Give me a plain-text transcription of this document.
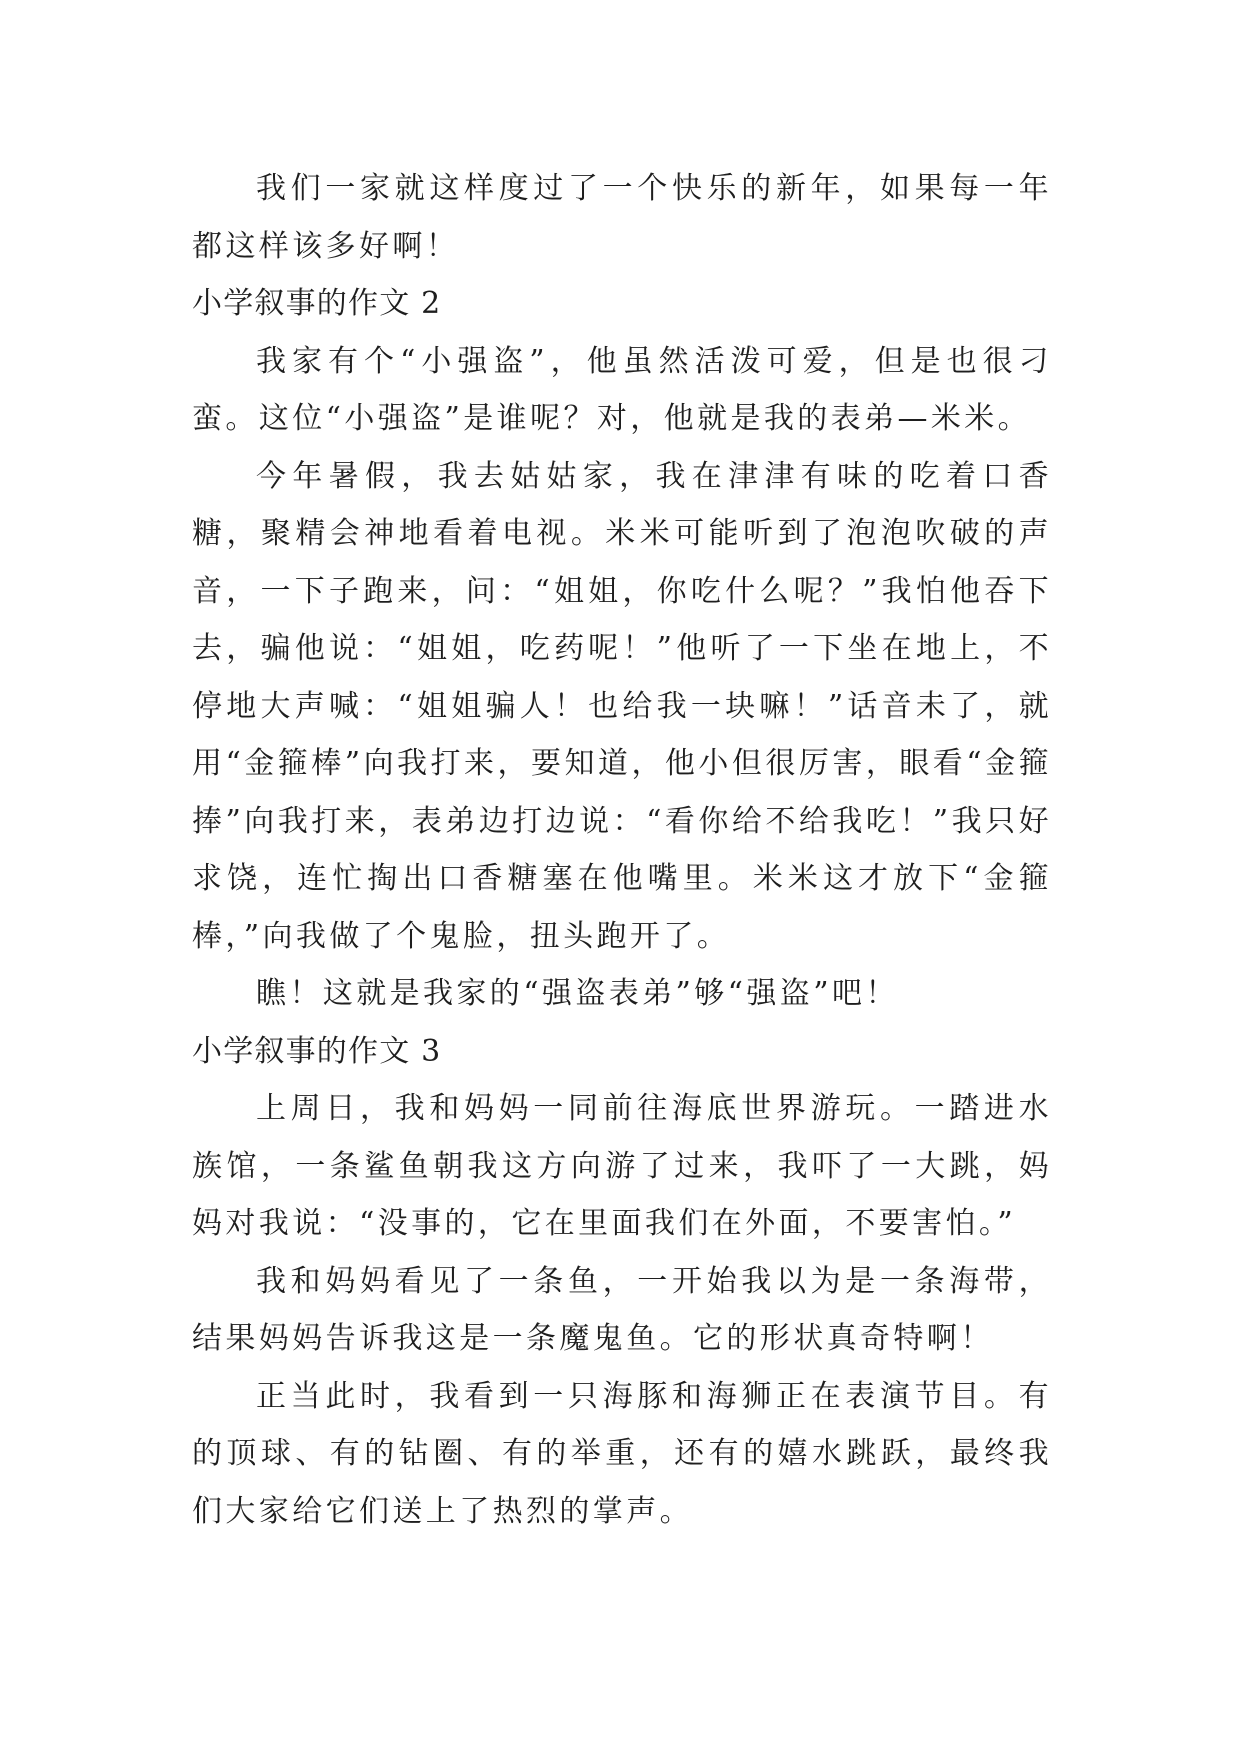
我们一家就这样度过了一个快乐的新年，如果每一年都这样该多好啊！

小学叙事的作文 2

我家有个“小强盗”，他虽然活泼可爱，但是也很刁蛮。这位“小强盗”是谁呢？对，他就是我的表弟—米米。

今年暑假，我去姑姑家，我在津津有味的吃着口香糖，聚精会神地看着电视。米米可能听到了泡泡吹破的声音，一下子跑来，问：“姐姐，你吃什么呢？”我怕他吞下去，骗他说：“姐姐，吃药呢！”他听了一下坐在地上，不停地大声喊：“姐姐骗人！也给我一块嘛！”话音未了，就用“金箍棒”向我打来，要知道，他小但很厉害，眼看“金箍捧”向我打来，表弟边打边说：“看你给不给我吃！”我只好求饶，连忙掏出口香糖塞在他嘴里。米米这才放下“金箍棒，”向我做了个鬼脸，扭头跑开了。

瞧！这就是我家的“强盗表弟”够“强盗”吧！

小学叙事的作文 3

上周日，我和妈妈一同前往海底世界游玩。一踏进水族馆，一条鲨鱼朝我这方向游了过来，我吓了一大跳，妈妈对我说：“没事的，它在里面我们在外面，不要害怕。”

我和妈妈看见了一条鱼，一开始我以为是一条海带，结果妈妈告诉我这是一条魔鬼鱼。它的形状真奇特啊！

正当此时，我看到一只海豚和海狮正在表演节目。有的顶球、有的钻圈、有的举重，还有的嬉水跳跃，最终我们大家给它们送上了热烈的掌声。
